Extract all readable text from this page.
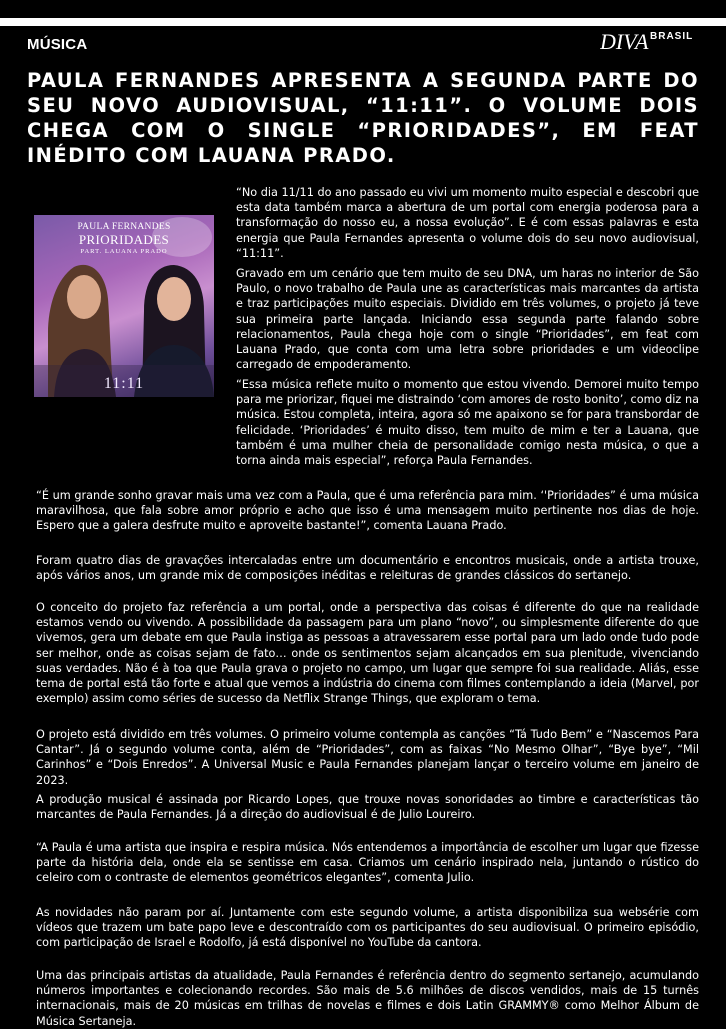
MÚSICA	DIVA BRASIL
PAULA FERNANDES APRESENTA A SEGUNDA PARTE DO SEU NOVO AUDIOVISUAL, “11:11”. O VOLUME DOIS CHEGA COM O SINGLE “PRIORIDADES”, EM FEAT INÉDITO COM LAUANA PRADO.
PAULA FERNANDES
PRIORIDADES
PART. LAUANA PRADO
11:11

“No dia 11/11 do ano passado eu vivi um momento muito especial e descobri que esta data também marca a abertura de um portal com energia poderosa para a transformação do nosso eu, a nossa evolução”. E é com essas palavras e esta energia que Paula Fernandes apresenta o volume dois do seu novo audiovisual, “11:11”.

Gravado em um cenário que tem muito de seu DNA, um haras no interior de São Paulo, o novo trabalho de Paula une as características mais marcantes da artista e traz participações muito especiais. Dividido em três volumes, o projeto já teve sua primeira parte lançada. Iniciando essa segunda parte falando sobre relacionamentos, Paula chega hoje com o single “Prioridades”, em feat com Lauana Prado, que conta com uma letra sobre prioridades e um videoclipe carregado de empoderamento.

“Essa música reflete muito o momento que estou vivendo. Demorei muito tempo para me priorizar, fiquei me distraindo ‘com amores de rosto bonito’, como diz na música. Estou completa, inteira, agora só me apaixono se for para transbordar de felicidade. ‘Prioridades’ é muito disso, tem muito de mim e ter a Lauana, que também é uma mulher cheia de personalidade comigo nesta música, o que a torna ainda mais especial”, reforça Paula Fernandes.

“É um grande sonho gravar mais uma vez com a Paula, que é uma referência para mim. ‘'Prioridades” é uma música maravilhosa, que fala sobre amor próprio e acho que isso é uma mensagem muito pertinente nos dias de hoje. Espero que a galera desfrute muito e aproveite bastante!”, comenta Lauana Prado.

Foram quatro dias de gravações intercaladas entre um documentário e encontros musicais, onde a artista trouxe, após vários anos, um grande mix de composições inéditas e releituras de grandes clássicos do sertanejo.

O conceito do projeto faz referência a um portal, onde a perspectiva das coisas é diferente do que na realidade estamos vendo ou vivendo. A possibilidade da passagem para um plano “novo”, ou simplesmente diferente do que vivemos, gera um debate em que Paula instiga as pessoas a atravessarem esse portal para um lado onde tudo pode ser melhor, onde as coisas sejam de fato… onde os sentimentos sejam alcançados em sua plenitude, vivenciando suas verdades. Não é à toa que Paula grava o projeto no campo, um lugar que sempre foi sua realidade. Aliás, esse tema de portal está tão forte e atual que vemos a indústria do cinema com filmes contemplando a ideia (Marvel, por exemplo) assim como séries de sucesso da Netflix Strange Things, que exploram o tema.

O projeto está dividido em três volumes. O primeiro volume contempla as canções “Tá Tudo Bem” e “Nascemos Para Cantar”. Já o segundo volume conta, além de “Prioridades”, com as faixas “No Mesmo Olhar”, “Bye bye”, “Mil Carinhos” e “Dois Enredos”. A Universal Music e Paula Fernandes planejam lançar o terceiro volume em janeiro de 2023.

A produção musical é assinada por Ricardo Lopes, que trouxe novas sonoridades ao timbre e características tão marcantes de Paula Fernandes. Já a direção do audiovisual é de Julio Loureiro.

“A Paula é uma artista que inspira e respira música. Nós entendemos a importância de escolher um lugar que fizesse parte da história dela, onde ela se sentisse em casa. Criamos um cenário inspirado nela, juntando o rústico do celeiro com o contraste de elementos geométricos elegantes”, comenta Julio.

As novidades não param por aí. Juntamente com este segundo volume, a artista disponibiliza sua websérie com vídeos que trazem um bate papo leve e descontraído com os participantes do seu audiovisual. O primeiro episódio, com participação de Israel e Rodolfo, já está disponível no YouTube da cantora.

Uma das principais artistas da atualidade, Paula Fernandes é referência dentro do segmento sertanejo, acumulando números importantes e colecionando recordes. São mais de 5.6 milhões de discos vendidos, mais de 15 turnês internacionais, mais de 20 músicas em trilhas de novelas e filmes e dois Latin GRAMMY® como Melhor Álbum de Música Sertaneja.
